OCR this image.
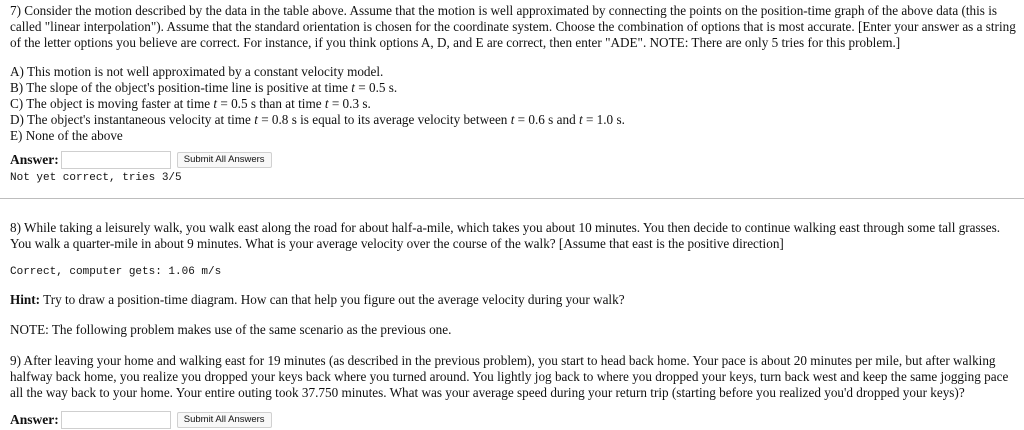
7) Consider the motion described by the data in the table above. Assume that the motion is well approximated by connecting the points on the position-time graph of the above data (this is called "linear interpolation"). Assume that the standard orientation is chosen for the coordinate system. Choose the combination of options that is most accurate. [Enter your answer as a string of the letter options you believe are correct. For instance, if you think options A, D, and E are correct, then enter "ADE". NOTE: There are only 5 tries for this problem.]

A) This motion is not well approximated by a constant velocity model.

B) The slope of the object's position-time line is positive at time t = 0.5 s.

C) The object is moving faster at time t = 0.5 s than at time t = 0.3 s.

D) The object's instantaneous velocity at time t = 0.8 s is equal to its average velocity between t = 0.6 s and t = 1.0 s.

E) None of the above

Answer:	Submit All Answers
Not yet correct, tries 3/5

8) While taking a leisurely walk, you walk east along the road for about half-a-mile, which takes you about 10 minutes. You then decide to continue walking east through some tall grasses. You walk a quarter-mile in about 9 minutes. What is your average velocity over the course of the walk? [Assume that east is the positive direction]

Correct, computer gets: 1.06 m/s

Hint: Try to draw a position-time diagram. How can that help you figure out the average velocity during your walk?

NOTE: The following problem makes use of the same scenario as the previous one.

9) After leaving your home and walking east for 19 minutes (as described in the previous problem), you start to head back home. Your pace is about 20 minutes per mile, but after walking halfway back home, you realize you dropped your keys back where you turned around. You lightly jog back to where you dropped your keys, turn back west and keep the same jogging pace all the way back to your home. Your entire outing took 37.750 minutes. What was your average speed during your return trip (starting before you realized you'd dropped your keys)?

Answer:	Submit All Answers
